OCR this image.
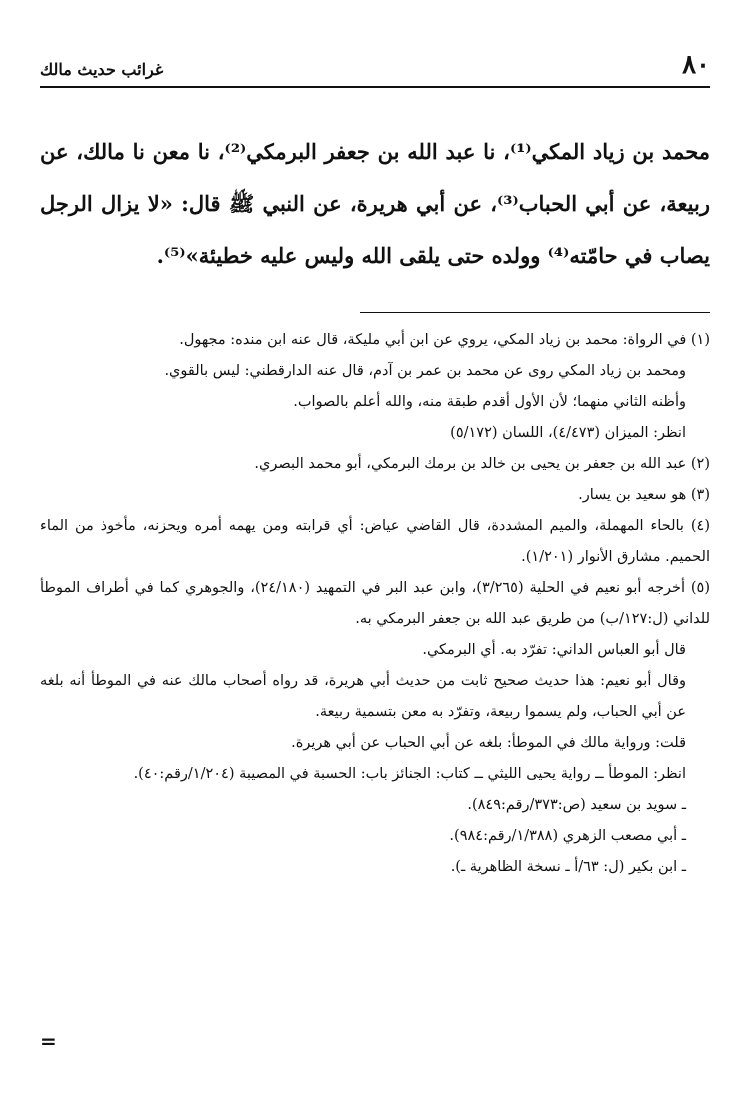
٨٠
غرائب حديث مالك

محمد بن زياد المكي⁽¹⁾، نا عبد الله بن جعفر البرمكي⁽²⁾، نا معن نا مالك، عن ربيعة، عن أبي الحباب⁽³⁾، عن أبي هريرة، عن النبي ﷺ قال: «لا يزال الرجل يصاب في حامّته⁽⁴⁾ وولده حتى يلقى الله وليس عليه خطيئة»⁽⁵⁾.

(١) في الرواة: محمد بن زياد المكي، يروي عن ابن أبي مليكة، قال عنه ابن منده: مجهول.

ومحمد بن زياد المكي روى عن محمد بن عمر بن آدم، قال عنه الدارقطني: ليس بالقوي.

وأظنه الثاني منهما؛ لأن الأول أقدم طبقة منه، والله أعلم بالصواب.

انظر: الميزان (٤/٤٧٣)، اللسان (٥/١٧٢)

(٢) عبد الله بن جعفر بن يحيى بن خالد بن برمك البرمكي، أبو محمد البصري.

(٣) هو سعيد بن يسار.

(٤) بالحاء المهملة، والميم المشددة، قال القاضي عياض: أي قرابته ومن يهمه أمره ويحزنه، مأخوذ من الماء الحميم. مشارق الأنوار (١/٢٠١).

(٥) أخرجه أبو نعيم في الحلية (٣/٢٦٥)، وابن عبد البر في التمهيد (٢٤/١٨٠)، والجوهري كما في أطراف الموطأ للداني (ل:١٢٧/ب) من طريق عبد الله بن جعفر البرمكي به.

قال أبو العباس الداني: تفرّد به. أي البرمكي.

وقال أبو نعيم: هذا حديث صحيح ثابت من حديث أبي هريرة، قد رواه أصحاب مالك عنه في الموطأ أنه بلغه عن أبي الحباب، ولم يسموا ربيعة، وتفرّد به معن بتسمية ربيعة.

قلت: ورواية مالك في الموطأ: بلغه عن أبي الحباب عن أبي هريرة.

انظر: الموطأ ــ رواية يحيى الليثي ــ كتاب: الجنائز باب: الحسبة في المصيبة (١/٢٠٤/رقم:٤٠).

ـ سويد بن سعيد (ص:٣٧٣/رقم:٨٤٩).

ـ أبي مصعب الزهري (١/٣٨٨/رقم:٩٨٤).

ـ ابن بكير (ل: ٦٣/أ ـ نسخة الظاهرية ـ).

=
